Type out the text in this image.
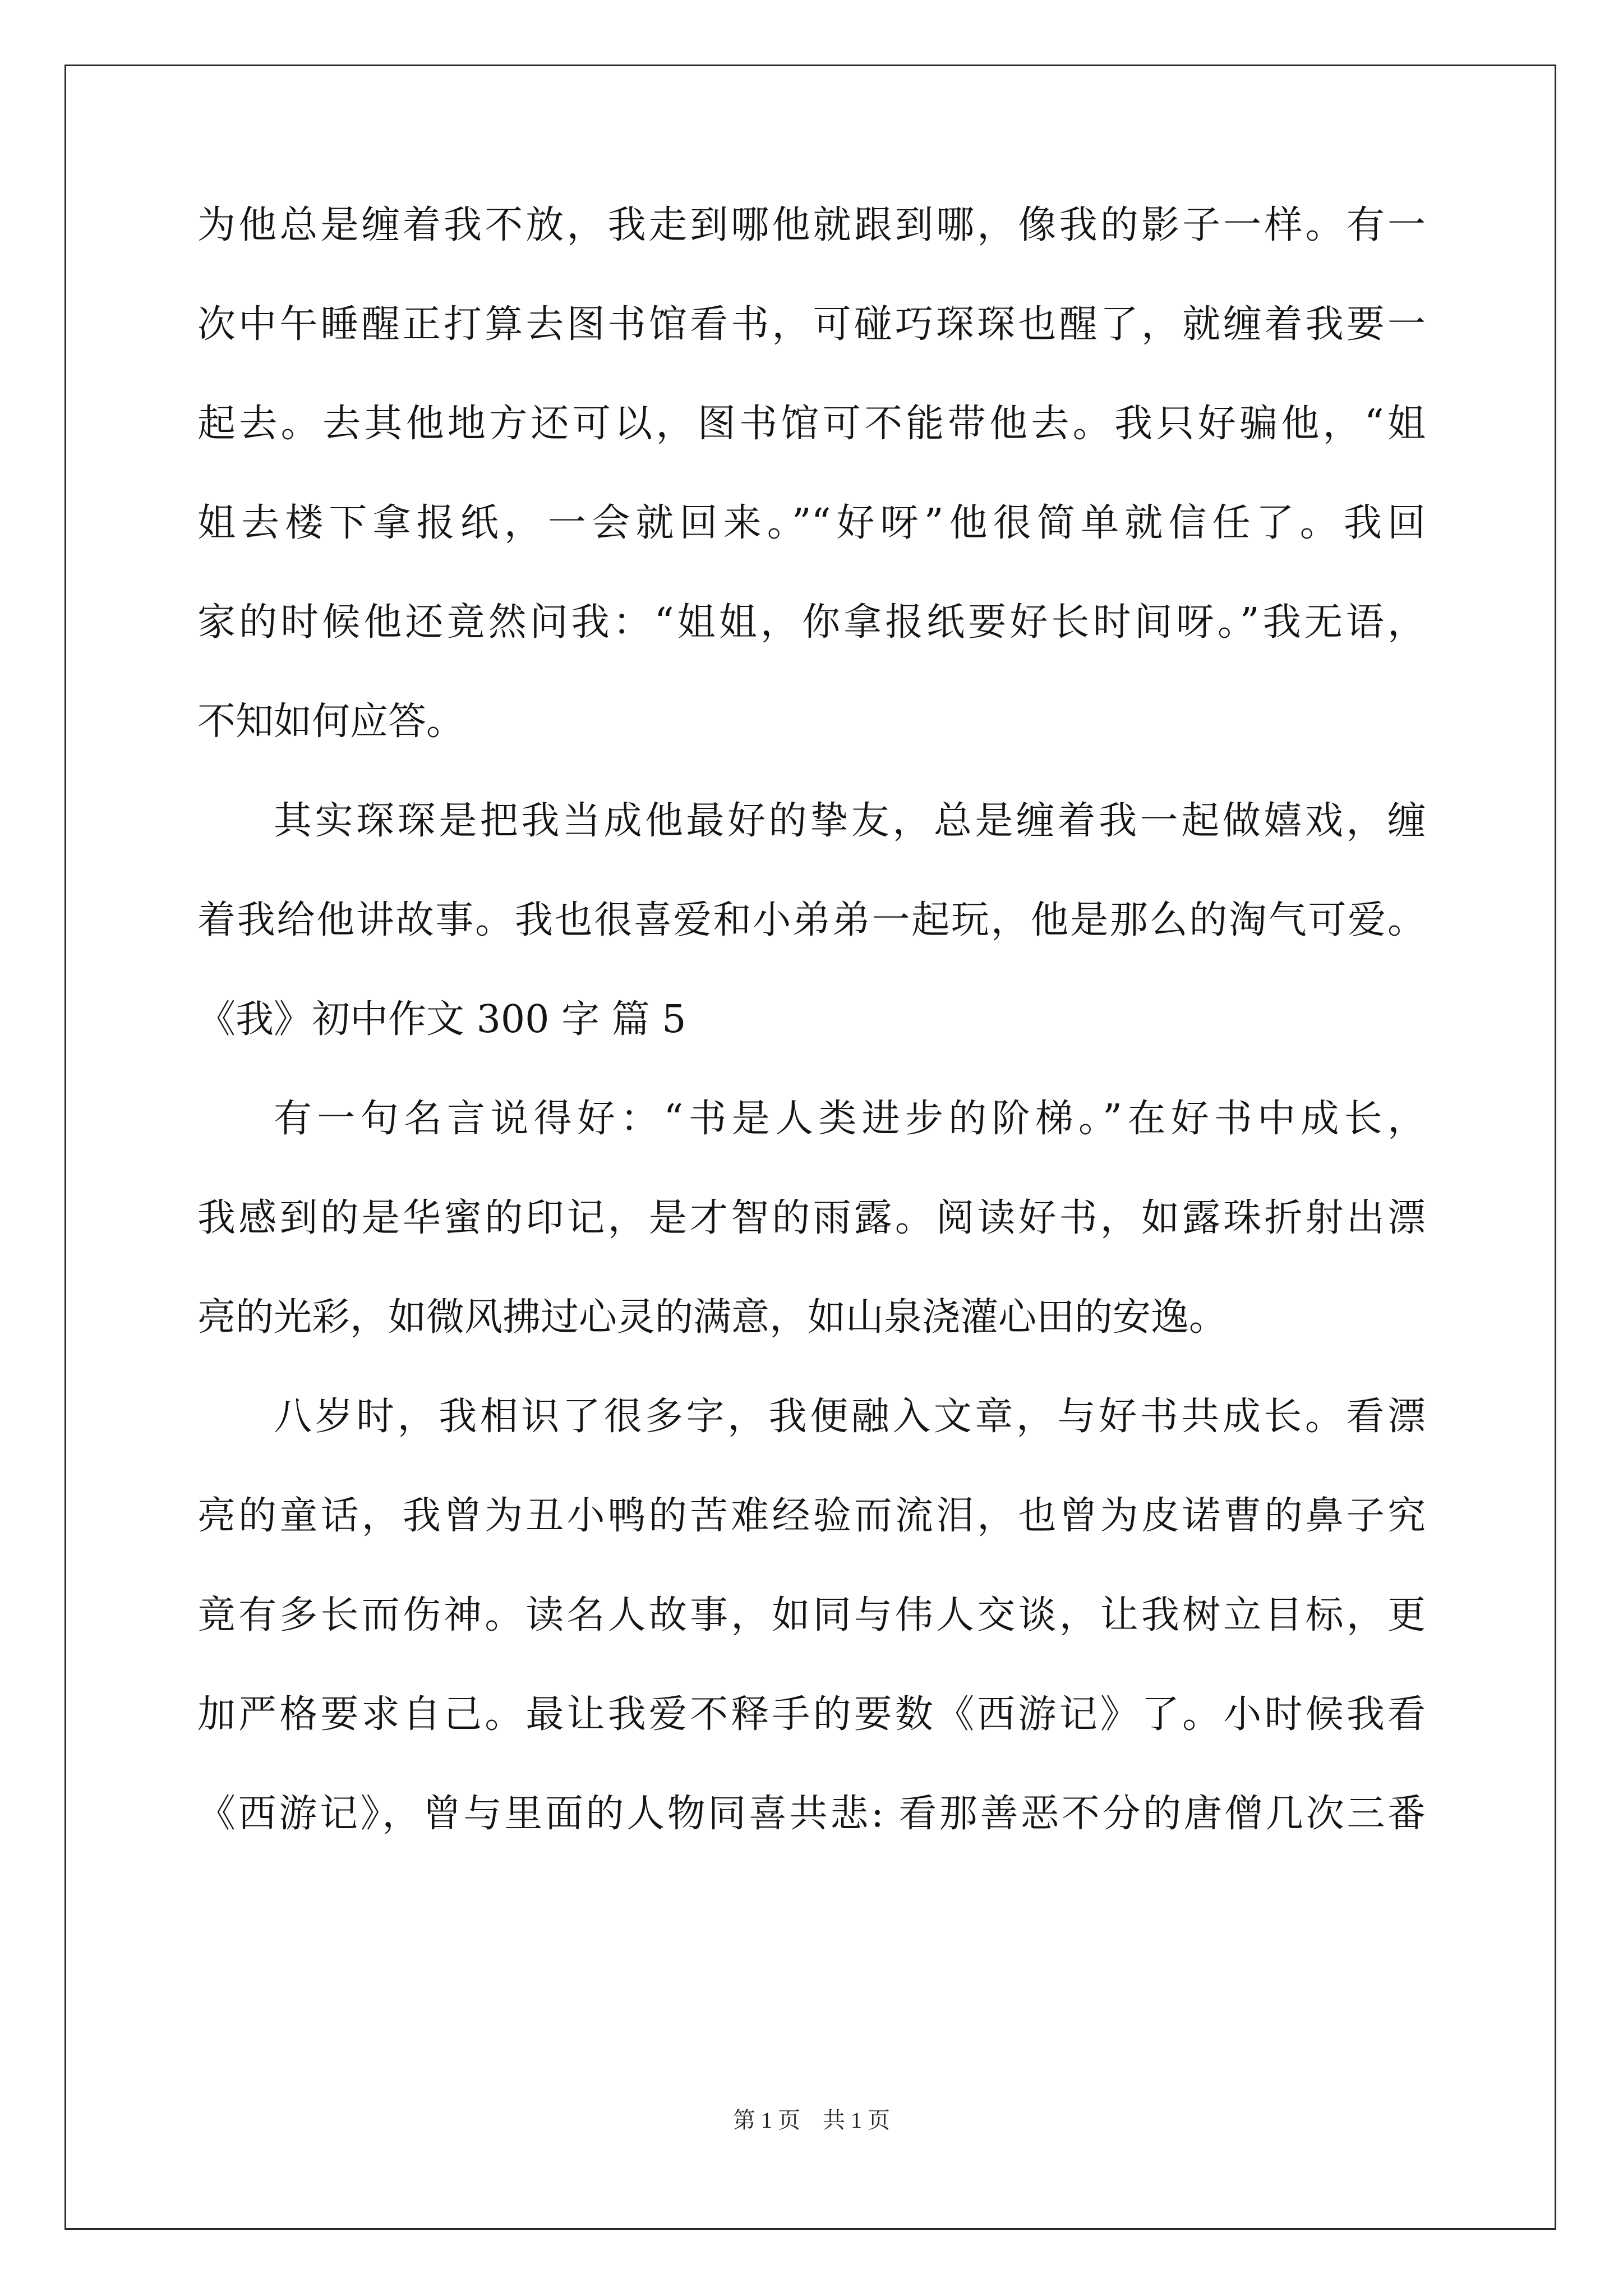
为他总是缠着我不放，我走到哪他就跟到哪，像我的影子一样。有一
次中午睡醒正打算去图书馆看书，可碰巧琛琛也醒了，就缠着我要一
起去。去其他地方还可以，图书馆可不能带他去。我只好骗他，“姐
姐去楼下拿报纸，一会就回来。”“好呀”他很简单就信任了。我回
家的时候他还竟然问我：“姐姐，你拿报纸要好长时间呀。”我无语，
不知如何应答。
其实琛琛是把我当成他最好的挚友，总是缠着我一起做嬉戏，缠
着我给他讲故事。我也很喜爱和小弟弟一起玩，他是那么的淘气可爱。
《我》初中作文 300 字 篇 5
有一句名言说得好：“书是人类进步的阶梯。”在好书中成长，
我感到的是华蜜的印记，是才智的雨露。阅读好书，如露珠折射出漂
亮的光彩，如微风拂过心灵的满意，如山泉浇灌心田的安逸。
八岁时，我相识了很多字，我便融入文章，与好书共成长。看漂
亮的童话，我曾为丑小鸭的苦难经验而流泪，也曾为皮诺曹的鼻子究
竟有多长而伤神。读名人故事，如同与伟人交谈，让我树立目标，更
加严格要求自己。最让我爱不释手的要数《西游记》了。小时候我看
《西游记》，曾与里面的人物同喜共悲: 看那善恶不分的唐僧几次三番
第 1 页 共 1 页
